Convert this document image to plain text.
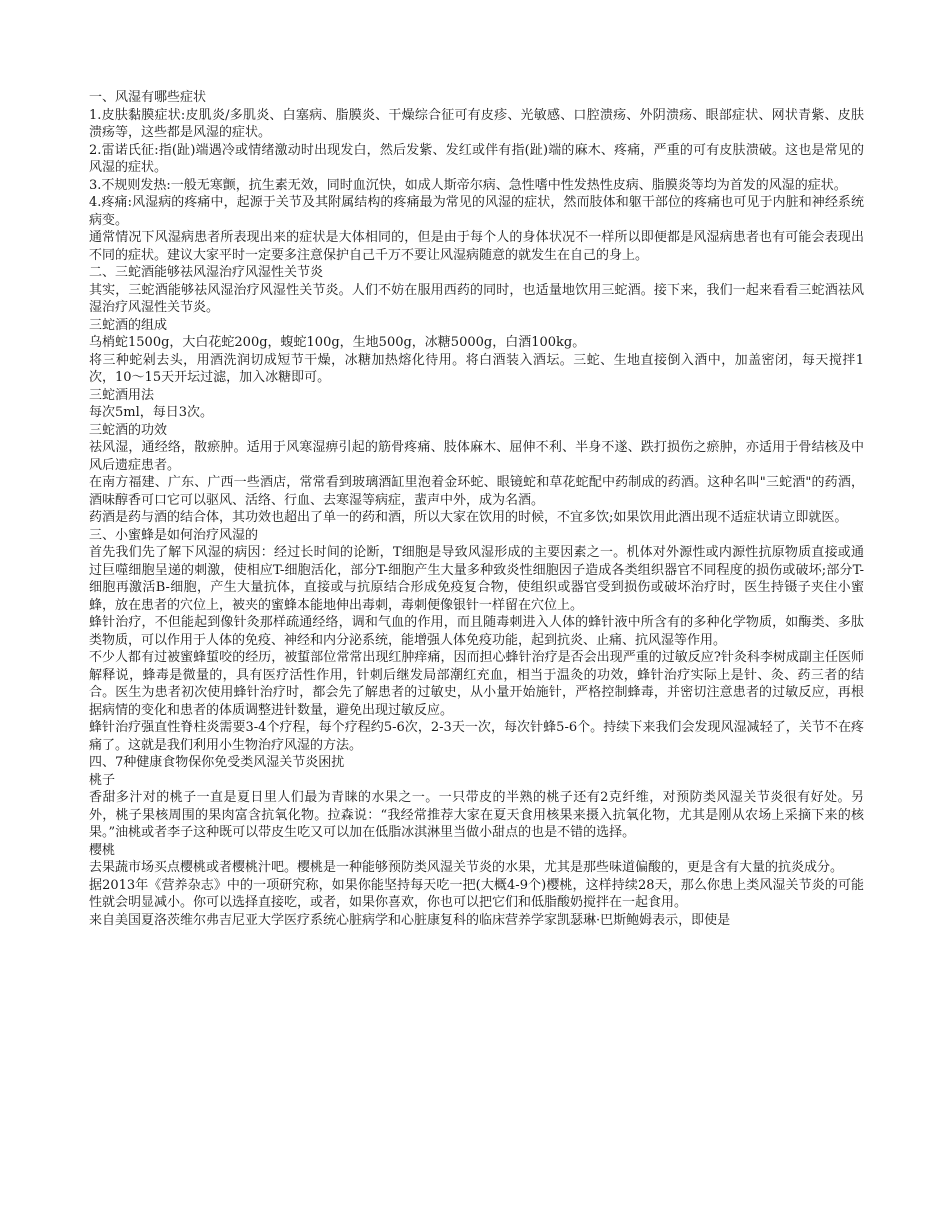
一、风湿有哪些症状

1.皮肤黏膜症状:皮肌炎/多肌炎、白塞病、脂膜炎、干燥综合征可有皮疹、光敏感、口腔溃疡、外阴溃疡、眼部症状、网状青紫、皮肤溃疡等，这些都是风湿的症状。

2.雷诺氏征:指(趾)端遇冷或情绪激动时出现发白，然后发紫、发红或伴有指(趾)端的麻木、疼痛，严重的可有皮肤溃破。这也是常见的风湿的症状。

3.不规则发热:一般无寒颤，抗生素无效，同时血沉快，如成人斯帝尔病、急性嗜中性发热性皮病、脂膜炎等均为首发的风湿的症状。

4.疼痛:风湿病的疼痛中，起源于关节及其附属结构的疼痛最为常见的风湿的症状，然而肢体和躯干部位的疼痛也可见于内脏和神经系统病变。

通常情况下风湿病患者所表现出来的症状是大体相同的，但是由于每个人的身体状况不一样所以即便都是风湿病患者也有可能会表现出不同的症状。建议大家平时一定要多注意保护自己千万不要让风湿病随意的就发生在自己的身上。

二、三蛇酒能够祛风湿治疗风湿性关节炎

其实，三蛇酒能够祛风湿治疗风湿性关节炎。人们不妨在服用西药的同时，也适量地饮用三蛇酒。接下来，我们一起来看看三蛇酒祛风湿治疗风湿性关节炎。

三蛇酒的组成

乌梢蛇1500g，大白花蛇200g，蝮蛇100g，生地500g，冰糖5000g，白酒100kg。

将三种蛇剁去头，用酒洗润切成短节干燥，冰糖加热熔化待用。将白酒装入酒坛。三蛇、生地直接倒入酒中，加盖密闭，每天搅拌1次，10～15天开坛过滤，加入冰糖即可。

三蛇酒用法

每次5ml，每日3次。

三蛇酒的功效

祛风湿，通经络，散瘀肿。适用于风寒湿痹引起的筋骨疼痛、肢体麻木、屈伸不利、半身不遂、跌打损伤之瘀肿，亦适用于骨结核及中风后遗症患者。

在南方福建、广东、广西一些酒店，常常看到玻璃酒缸里泡着金环蛇、眼镜蛇和草花蛇配中药制成的药酒。这种名叫"三蛇酒"的药酒，酒味醇香可口它可以驱风、活络、行血、去寒湿等病症，蜚声中外，成为名酒。

药酒是药与酒的结合体，其功效也超出了单一的药和酒，所以大家在饮用的时候，不宜多饮;如果饮用此酒出现不适症状请立即就医。

三、小蜜蜂是如何治疗风湿的

首先我们先了解下风湿的病因：经过长时间的论断，T细胞是导致风湿形成的主要因素之一。机体对外源性或内源性抗原物质直接或通过巨噬细胞呈递的刺激，使相应T-细胞活化，部分T-细胞产生大量多种致炎性细胞因子造成各类组织器官不同程度的损伤或破坏;部分T-细胞再激活B-细胞，产生大量抗体，直接或与抗原结合形成免疫复合物，使组织或器官受到损伤或破坏治疗时，医生持镊子夹住小蜜蜂，放在患者的穴位上，被夹的蜜蜂本能地伸出毒刺，毒刺便像银针一样留在穴位上。

蜂针治疗，不但能起到像针灸那样疏通经络，调和气血的作用，而且随毒刺进入人体的蜂针液中所含有的多种化学物质，如酶类、多肽类物质，可以作用于人体的免疫、神经和内分泌系统，能增强人体免疫功能，起到抗炎、止痛、抗风湿等作用。

不少人都有过被蜜蜂蜇咬的经历，被蜇部位常常出现红肿痒痛，因而担心蜂针治疗是否会出现严重的过敏反应?针灸科李树成副主任医师解释说，蜂毒是微量的，具有医疗活性作用，针刺后继发局部潮红充血，相当于温灸的功效，蜂针治疗实际上是针、灸、药三者的结合。医生为患者初次使用蜂针治疗时，都会先了解患者的过敏史，从小量开始施针，严格控制蜂毒，并密切注意患者的过敏反应，再根据病情的变化和患者的体质调整进针数量，避免出现过敏反应。

蜂针治疗强直性脊柱炎需要3-4个疗程，每个疗程约5-6次，2-3天一次，每次针蜂5-6个。持续下来我们会发现风湿减轻了，关节不在疼痛了。这就是我们利用小生物治疗风湿的方法。

四、7种健康食物保你免受类风湿关节炎困扰

桃子

香甜多汁对的桃子一直是夏日里人们最为青睐的水果之一。一只带皮的半熟的桃子还有2克纤维，对预防类风湿关节炎很有好处。另外，桃子果核周围的果肉富含抗氧化物。拉森说：“我经常推荐大家在夏天食用核果来摄入抗氧化物，尤其是刚从农场上采摘下来的核果。”油桃或者李子这种既可以带皮生吃又可以加在低脂冰淇淋里当做小甜点的也是不错的选择。

樱桃

去果蔬市场买点樱桃或者樱桃汁吧。樱桃是一种能够预防类风湿关节炎的水果，尤其是那些味道偏酸的，更是含有大量的抗炎成分。

据2013年《营养杂志》中的一项研究称，如果你能坚持每天吃一把(大概4-9个)樱桃，这样持续28天，那么你患上类风湿关节炎的可能性就会明显减小。你可以选择直接吃，或者，如果你喜欢，你也可以把它们和低脂酸奶搅拌在一起食用。

来自美国夏洛茨维尔弗吉尼亚大学医疗系统心脏病学和心脏康复科的临床营养学家凯瑟琳·巴斯鲍姆表示，即使是
